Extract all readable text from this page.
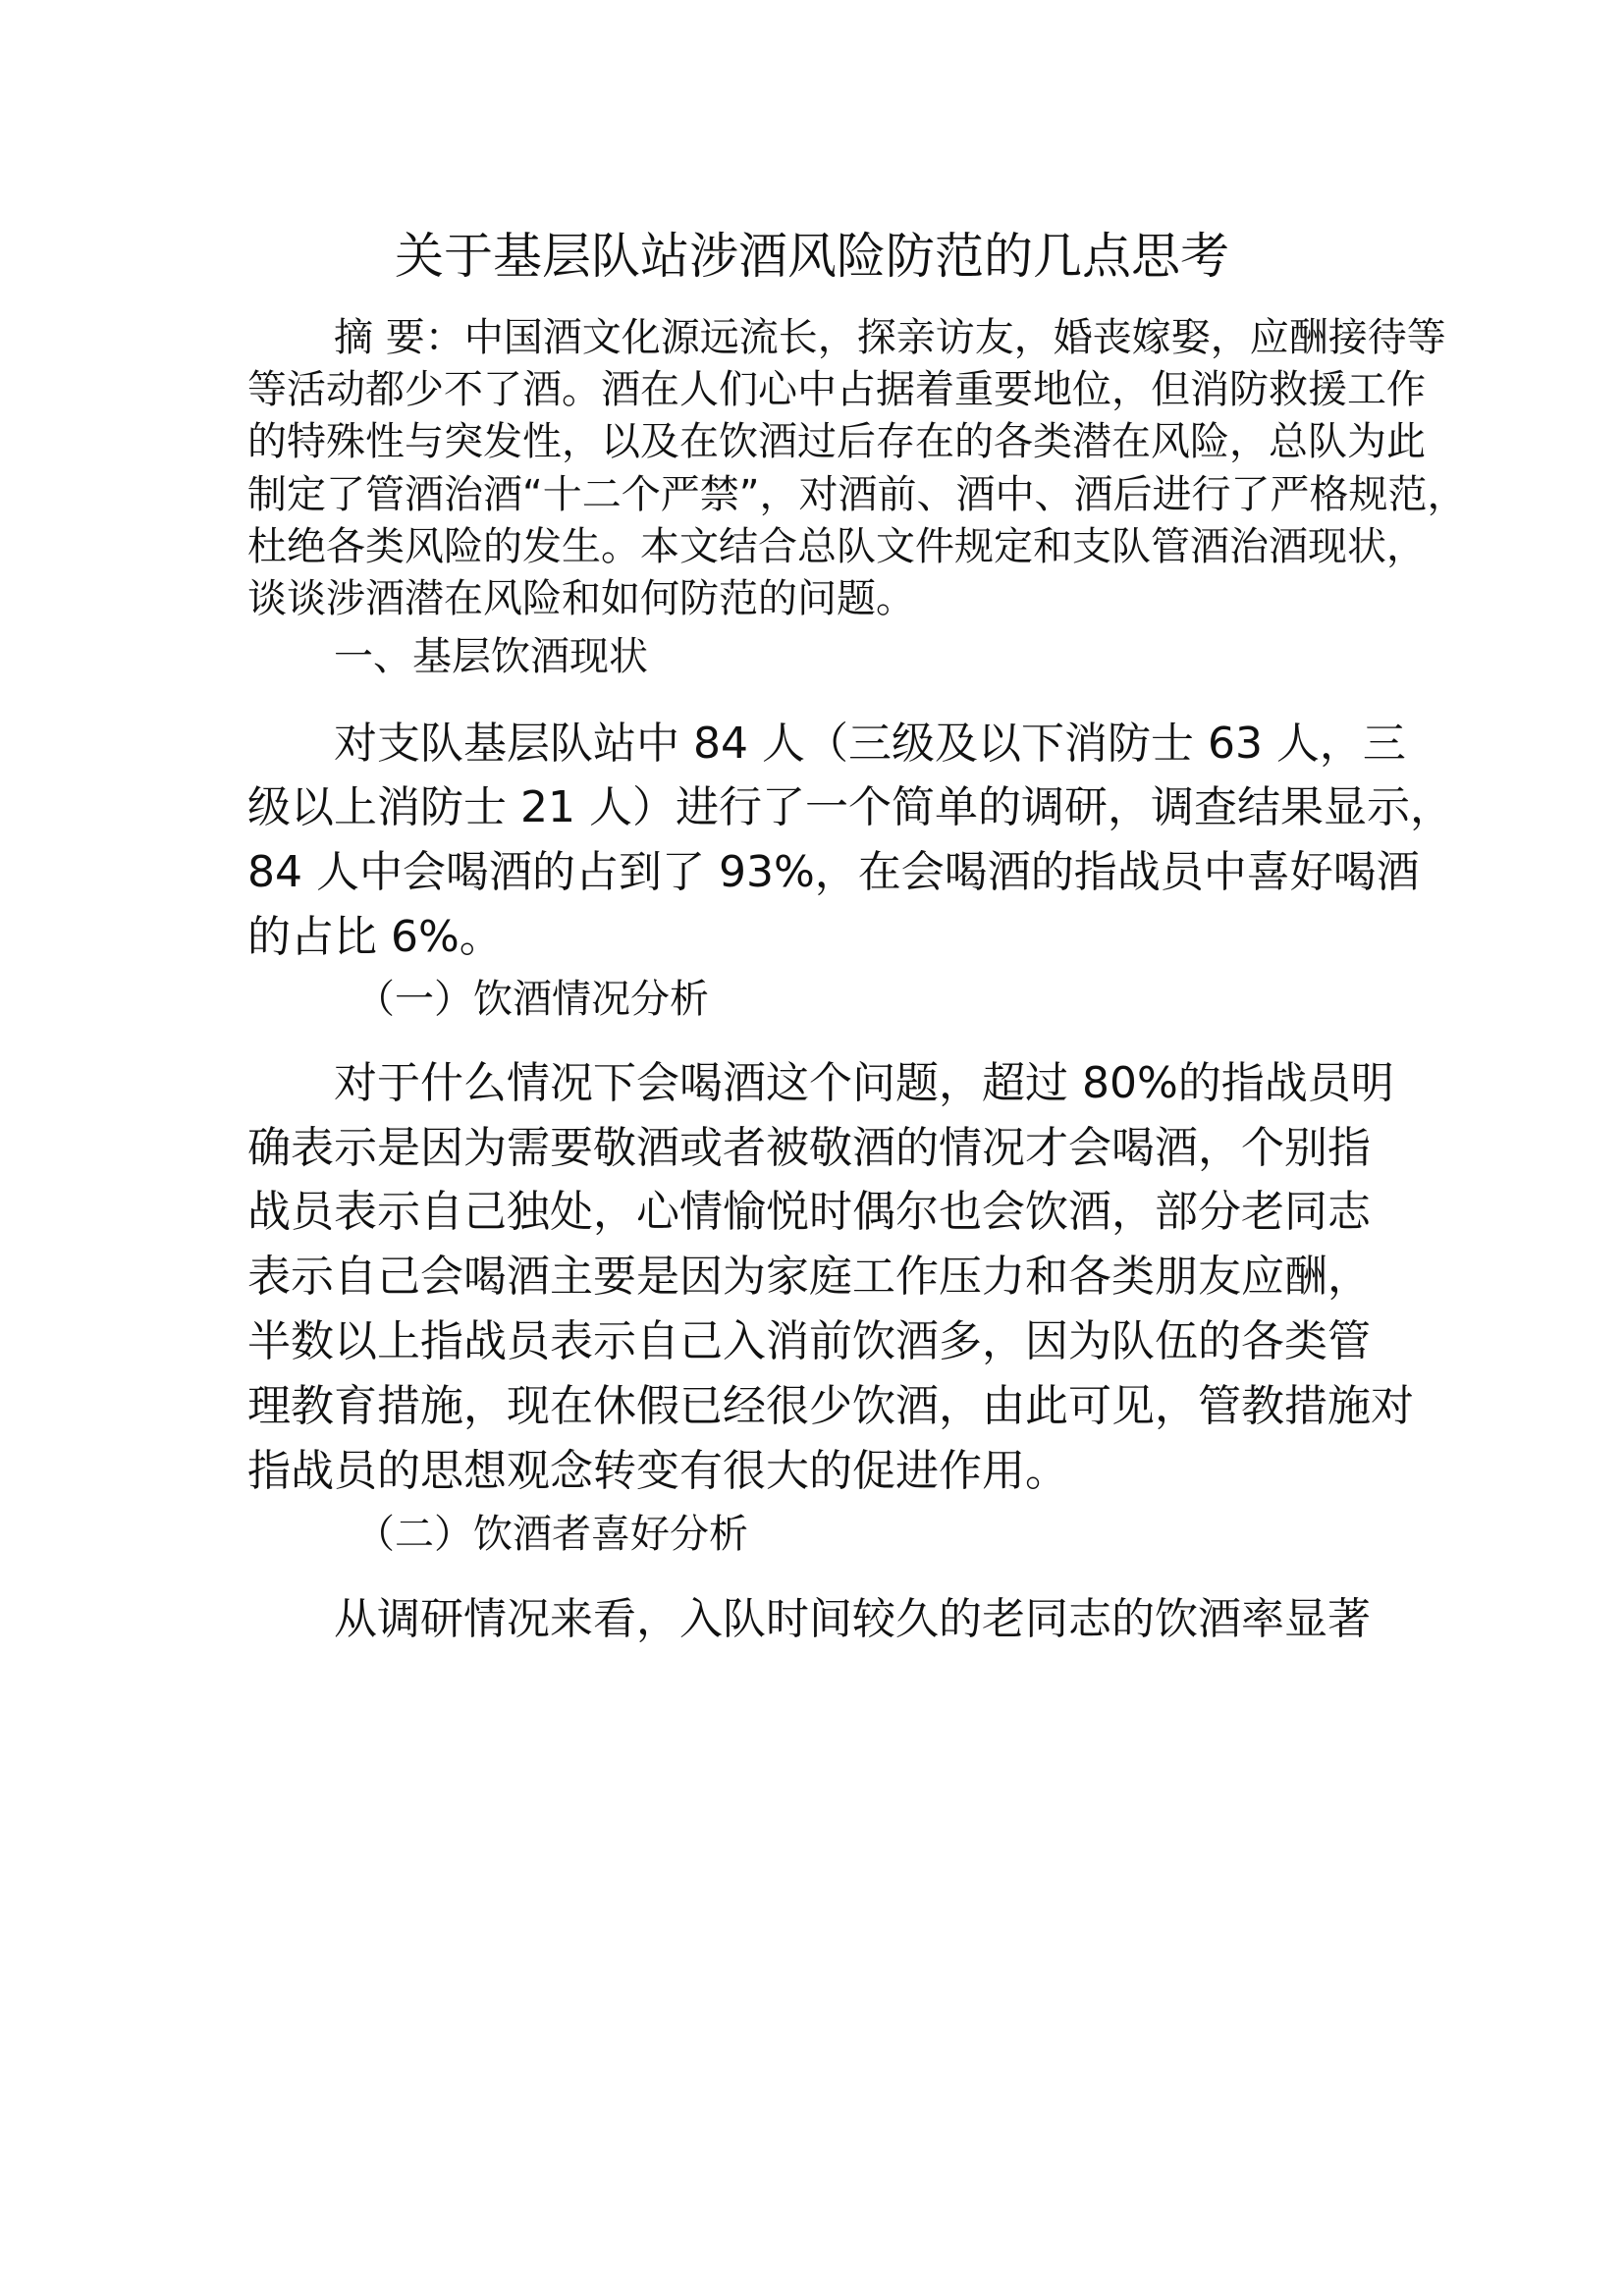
关于基层队站涉酒风险防范的几点思考
摘 要：中国酒文化源远流长，探亲访友，婚丧嫁娶，应酬接待等
等活动都少不了酒。酒在人们心中占据着重要地位，但消防救援工作
的特殊性与突发性，以及在饮酒过后存在的各类潜在风险，总队为此
制定了管酒治酒“十二个严禁”，对酒前、酒中、酒后进行了严格规范，
杜绝各类风险的发生。本文结合总队文件规定和支队管酒治酒现状，
谈谈涉酒潜在风险和如何防范的问题。
一、基层饮酒现状
对支队基层队站中 84 人（三级及以下消防士 63 人，三
级以上消防士 21 人）进行了一个简单的调研，调查结果显示，
84 人中会喝酒的占到了 93%，在会喝酒的指战员中喜好喝酒
的占比 6%。
（一）饮酒情况分析
对于什么情况下会喝酒这个问题，超过 80%的指战员明
确表示是因为需要敬酒或者被敬酒的情况才会喝酒，个别指
战员表示自己独处，心情愉悦时偶尔也会饮酒，部分老同志
表示自己会喝酒主要是因为家庭工作压力和各类朋友应酬，
半数以上指战员表示自己入消前饮酒多，因为队伍的各类管
理教育措施，现在休假已经很少饮酒，由此可见，管教措施对
指战员的思想观念转变有很大的促进作用。
（二）饮酒者喜好分析
从调研情况来看，入队时间较久的老同志的饮酒率显著
